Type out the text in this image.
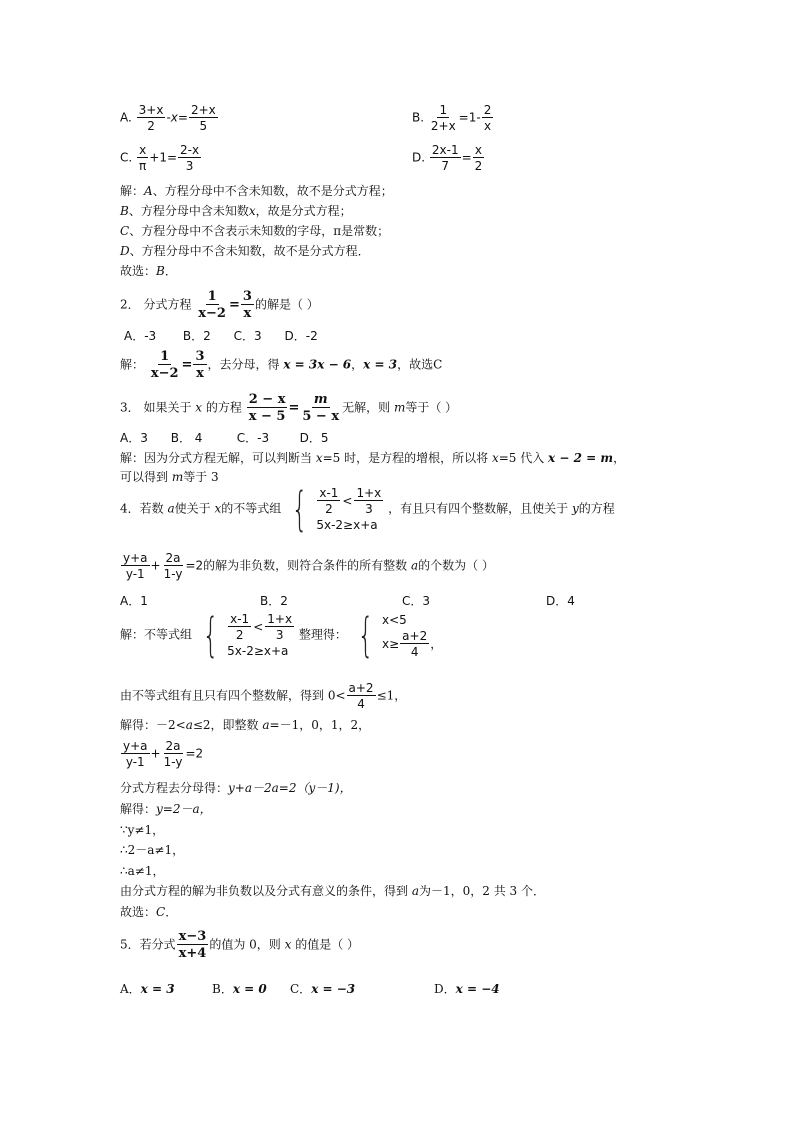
A. $\frac{3+x}{2} -x= \frac{2+x}{5}$	B. $\frac{1}{2+x} =1- \frac{2}{x}$
C. $\frac{x}{\pi} +1= \frac{2-x}{3}$	D. $\frac{2x-1}{7} = \frac{x}{2}$
解：A、方程分母中不含未知数，故不是分式方程；
B、方程分母中含未知数x，故是分式方程；
C、方程分母中不含表示未知数的字母，π是常数；
D、方程分母中不含未知数，故不是分式方程．
故选：B．
2． 分式方程 $\frac{1}{x-2} = \frac{3}{x}$ 的解是（ ）
A．-3       B．2      C．3      D．-2
解： $\frac{1}{x-2} = \frac{3}{x}$ ，去分母，得 x = 3x − 6，x = 3，故选C
3． 如果关于 x 的方程 $\frac{2 - x}{x - 5} = \frac{m}{5 - x}$ 无解，则 m等于（ ）
A．3      B． 4         C．-3        D．5
解：因为分式方程无解，可以判断当 x=5 时，是方程的增根，所以将 x=5 代入 x − 2 = m，
可以得到 m等于 3
4．若数 a使关于 x的不等式组 { $\frac{x-1}{2} < \frac{1+x}{3}$
5x-2≥x+a
，有且只有四个整数解，且使关于 y的方程
$\frac{y+a}{y-1} + \frac{2a}{1-y} =2$的解为非负数，则符合条件的所有整数 a的个数为（ ）
A．1	B．2	C．3	D．4
解：不等式组 { $\frac{x-1}{2} < \frac{1+x}{3}$
5x-2≥x+a
整理得： { x<5
$x\ge \frac{a+2}{4}$ ，
由不等式组有且只有四个整数解，得到 $0< \frac{a+2}{4} \le 1$，
解得：－2<a≤2，即整数 a=－1，0，1，2，
$\frac{y+a}{y-1} + \frac{2a}{1-y} =2$
分式方程去分母得：y+a－2a=2（y－1)，
解得：y=2－a，
∵y≠1，
∴2－a≠1，
∴a≠1，
由分式方程的解为非负数以及分式有意义的条件，得到 a为－1，0，2 共 3 个．
故选：C．
5．若分式 $\frac{x-3}{x+4}$ 的值为 0，则 x 的值是（ ）
A．x = 3	B．x = 0 C．x = −3	D．x = −4
